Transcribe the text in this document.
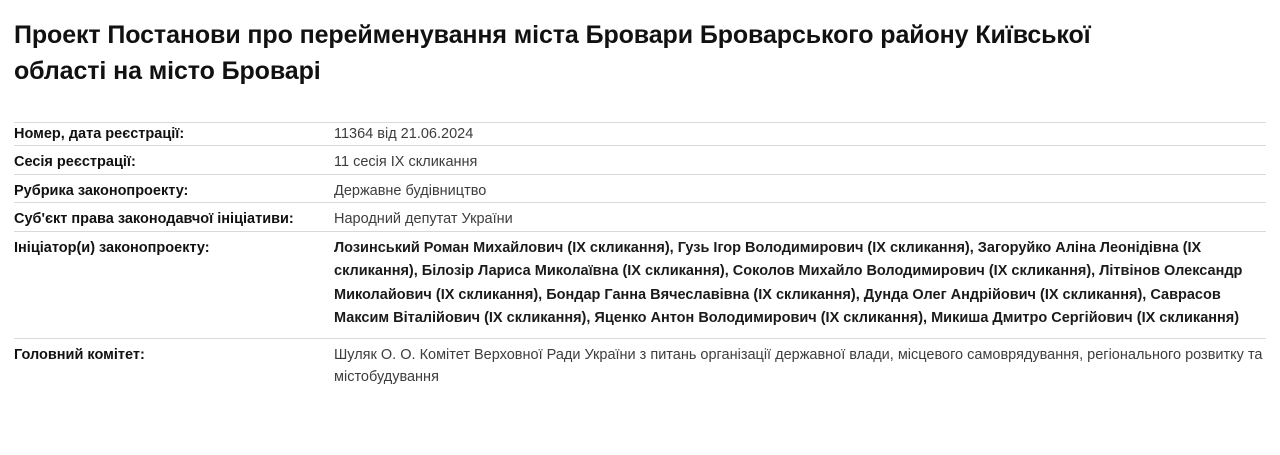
Проект Постанови про перейменування міста Бровари Броварського району Київської області на місто Броварі
Номер, дата реєстрації:	11364 від 21.06.2024
Сесія реєстрації:	11 сесія IX скликання
Рубрика законопроекту:	Державне будівництво
Суб'єкт права законодавчої ініціативи:	Народний депутат України
Ініціатор(и) законопроекту:	Лозинський Роман Михайлович (IX скликання), Гузь Ігор Володимирович (IX скликання), Загоруйко Аліна Леонідівна (IX скликання), Білозір Лариса Миколаївна (IX скликання), Соколов Михайло Володимирович (IX скликання), Літвінов Олександр Миколайович (IX скликання), Бондар Ганна Вячеславівна (IX скликання), Дунда Олег Андрійович (IX скликання), Саврасов Максим Віталійович (IX скликання), Яценко Антон Володимирович (IX скликання), Микиша Дмитро Сергійович (IX скликання)

Головний комітет:	Шуляк О. О. Комітет Верховної Ради України з питань організації державної влади, місцевого самоврядування, регіонального розвитку та містобудування
